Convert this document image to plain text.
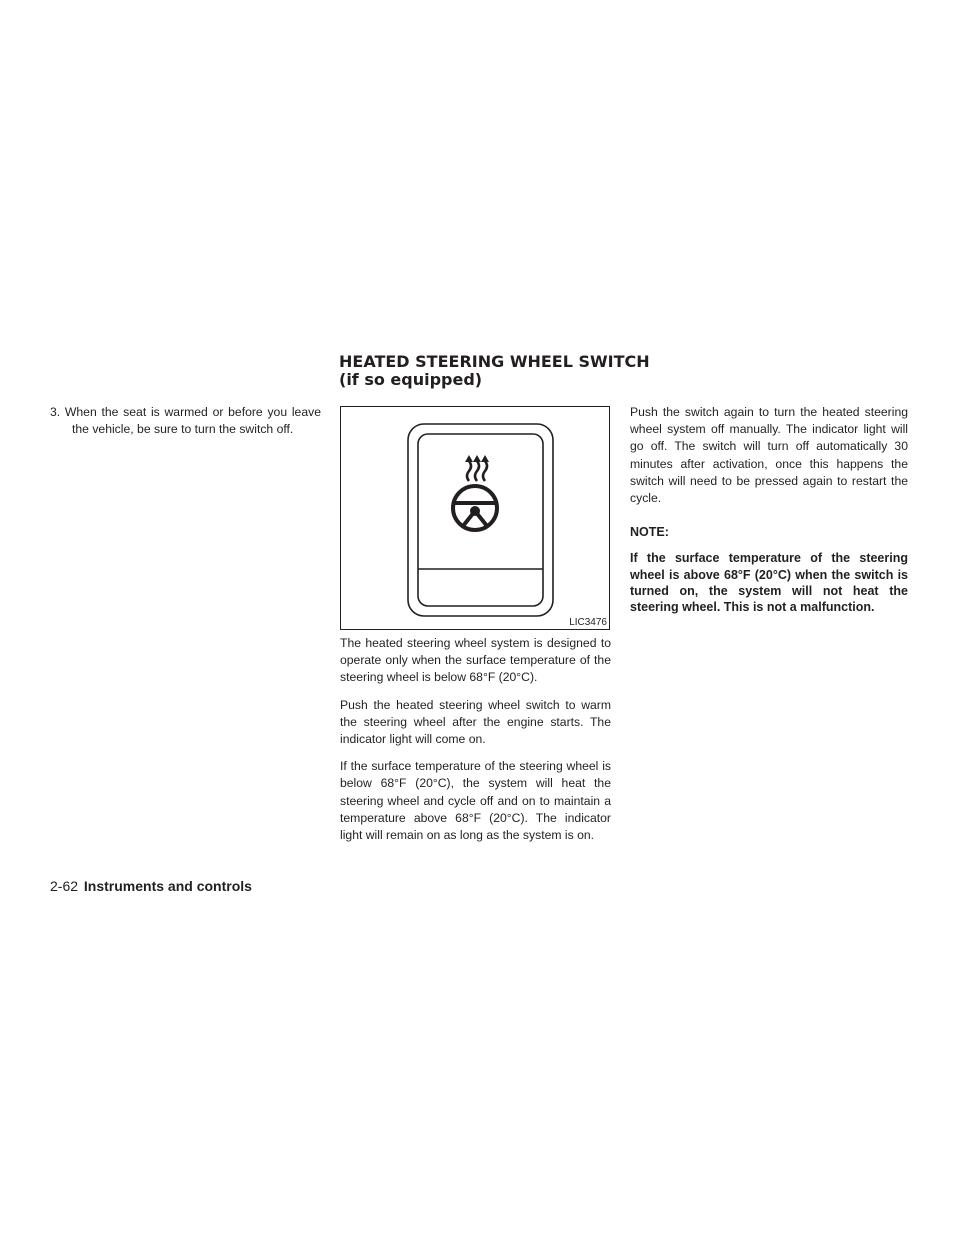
HEATED STEERING WHEEL SWITCH
(if so equipped)

3. When the seat is warmed or before you leave the vehicle, be sure to turn the switch off.

LIC3476

The heated steering wheel system is designed to operate only when the surface temperature of the steering wheel is below 68°F (20°C).

Push the heated steering wheel switch to warm the steering wheel after the engine starts. The indicator light will come on.

If the surface temperature of the steering wheel is below 68°F (20°C), the system will heat the steering wheel and cycle off and on to maintain a temperature above 68°F (20°C). The indicator light will remain on as long as the system is on.

Push the switch again to turn the heated steering wheel system off manually. The indicator light will go off. The switch will turn off automatically 30 minutes after activation, once this happens the switch will need to be pressed again to restart the cycle.

NOTE:

If the surface temperature of the steering wheel is above 68°F (20°C) when the switch is turned on, the system will not heat the steering wheel. This is not a malfunction.

2-62 Instruments and controls
